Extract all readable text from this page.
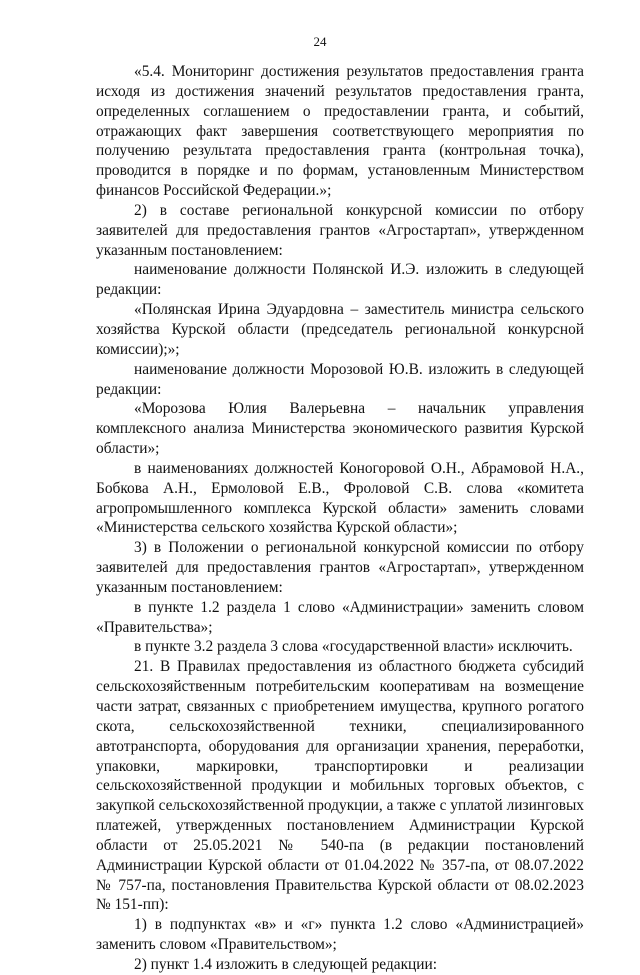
24

«5.4. Мониторинг достижения результатов предоставления гранта исходя из достижения значений результатов предоставления гранта, определенных соглашением о предоставлении гранта, и событий, отражающих факт завершения соответствующего мероприятия по получению результата предоставления гранта (контрольная точка), проводится в порядке и по формам, установленным Министерством финансов Российской Федерации.»;

2) в составе региональной конкурсной комиссии по отбору заявителей для предоставления грантов «Агростартап», утвержденном указанным постановлением:

наименование должности Полянской И.Э. изложить в следующей редакции:

«Полянская Ирина Эдуардовна – заместитель министра сельского хозяйства Курской области (председатель региональной конкурсной комиссии);»;

наименование должности Морозовой Ю.В. изложить в следующей редакции:

«Морозова Юлия Валерьевна – начальник управления комплексного анализа Министерства экономического развития Курской области»;

в наименованиях должностей Коногоровой О.Н., Абрамовой Н.А., Бобкова А.Н., Ермоловой Е.В., Фроловой С.В. слова «комитета агропромышленного комплекса Курской области» заменить словами «Министерства сельского хозяйства Курской области»;

3) в Положении о региональной конкурсной комиссии по отбору заявителей для предоставления грантов «Агростартап», утвержденном указанным постановлением:

в пункте 1.2 раздела 1 слово «Администрации» заменить словом «Правительства»;

в пункте 3.2 раздела 3 слова «государственной власти» исключить.

21. В Правилах предоставления из областного бюджета субсидий сельскохозяйственным потребительским кооперативам на возмещение части затрат, связанных с приобретением имущества, крупного рогатого скота, сельскохозяйственной техники, специализированного автотранспорта, оборудования для организации хранения, переработки, упаковки, маркировки, транспортировки и реализации сельскохозяйственной продукции и мобильных торговых объектов, с закупкой сельскохозяйственной продукции, а также с уплатой лизинговых платежей, утвержденных постановлением Администрации Курской области от 25.05.2021 № 540-па (в редакции постановлений Администрации Курской области от 01.04.2022 № 357-па, от 08.07.2022 № 757-па, постановления Правительства Курской области от 08.02.2023 № 151-пп):

1) в подпунктах «в» и «г» пункта 1.2 слово «Администрацией» заменить словом «Правительством»;

2) пункт 1.4 изложить в следующей редакции:
